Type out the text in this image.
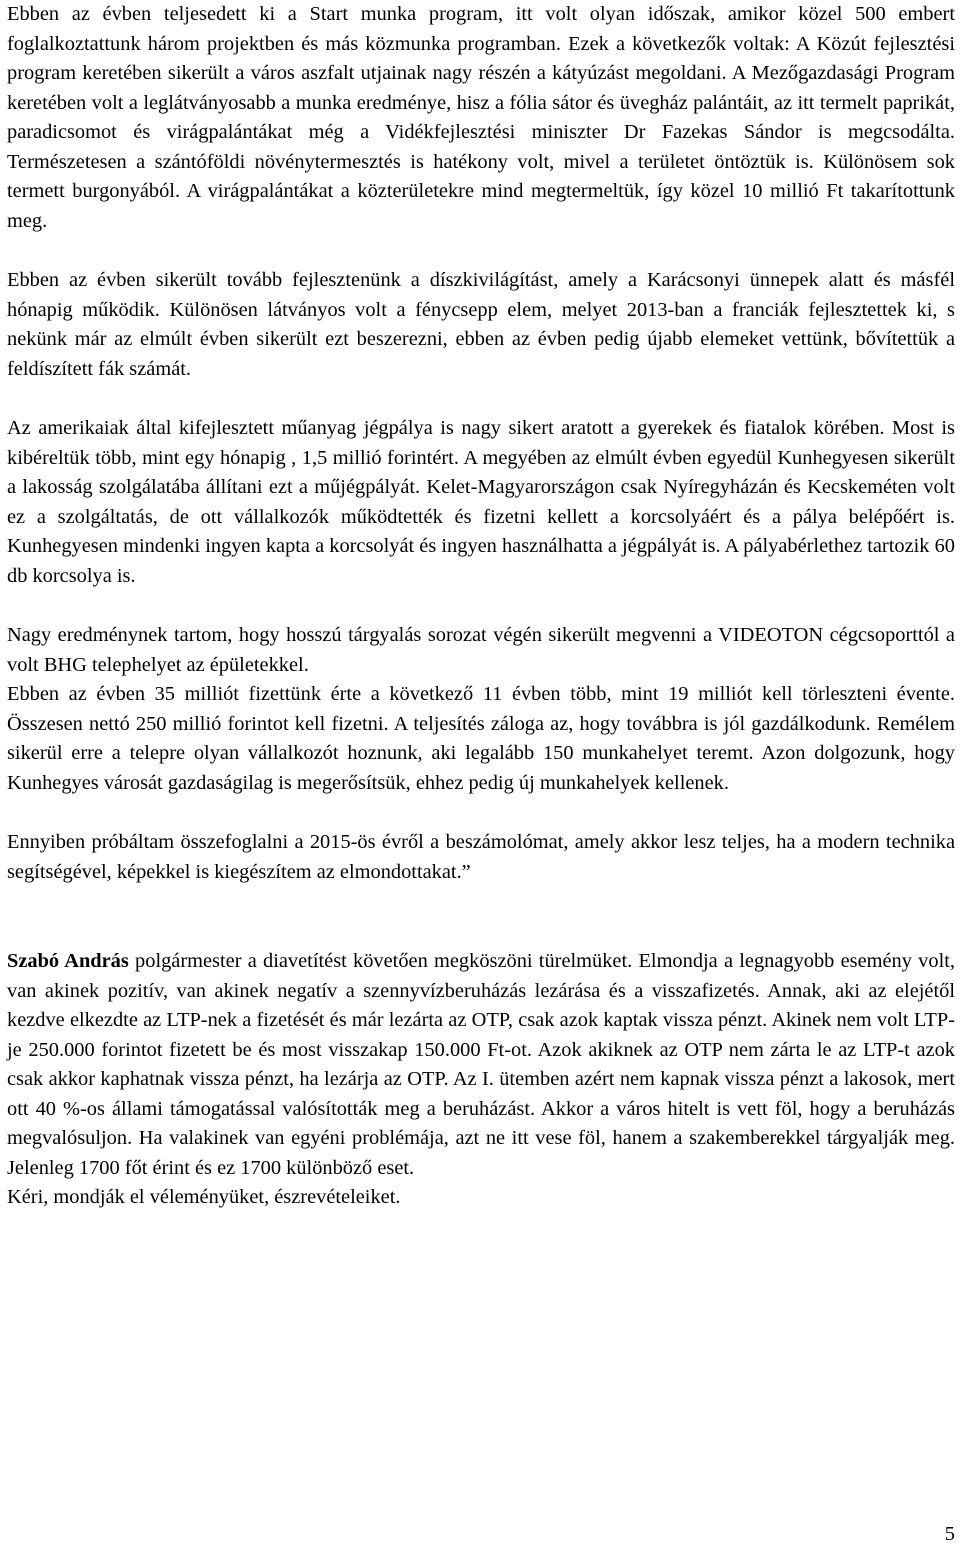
Ebben az évben teljesedett ki a Start munka program, itt volt olyan időszak, amikor közel 500 embert foglalkoztattunk három projektben és más közmunka programban. Ezek a következők voltak: A Közút fejlesztési program keretében sikerült a város aszfalt utjainak nagy részén a kátyúzást megoldani. A Mezőgazdasági Program keretében volt a leglátványosabb a munka eredménye, hisz a fólia sátor és üvegház palántáit, az itt termelt paprikát, paradicsomot és virágpalántákat még a Vidékfejlesztési miniszter Dr Fazekas Sándor is megcsodálta. Természetesen a szántóföldi növénytermesztés is hatékony volt, mivel a területet öntöztük is. Különösem sok termett burgonyából. A virágpalántákat a közterületekre mind megtermeltük, így közel 10 millió Ft takarítottunk meg.

Ebben az évben sikerült tovább fejlesztenünk a díszkivilágítást, amely a Karácsonyi ünnepek alatt és másfél hónapig működik. Különösen látványos volt a fénycsepp elem, melyet 2013-ban a franciák fejlesztettek ki, s nekünk már az elmúlt évben sikerült ezt beszerezni, ebben az évben pedig újabb elemeket vettünk, bővítettük a feldíszített fák számát.

Az amerikaiak által kifejlesztett műanyag jégpálya is nagy sikert aratott a gyerekek és fiatalok körében. Most is kibéreltük több, mint egy hónapig , 1,5 millió forintért. A megyében az elmúlt évben egyedül Kunhegyesen sikerült a lakosság szolgálatába állítani ezt a műjégpályát. Kelet-Magyarországon csak Nyíregyházán és Kecskeméten volt ez a szolgáltatás, de ott vállalkozók működtették és fizetni kellett a korcsolyáért és a pálya belépőért is. Kunhegyesen mindenki ingyen kapta a korcsolyát és ingyen használhatta a jégpályát is. A pályabérlethez tartozik 60 db korcsolya is.

Nagy eredménynek tartom, hogy hosszú tárgyalás sorozat végén sikerült megvenni a VIDEOTON cégcsoporttól a volt BHG telephelyet az épületekkel.

Ebben az évben 35 milliót fizettünk érte a következő 11 évben több, mint 19 milliót kell törleszteni évente. Összesen nettó 250 millió forintot kell fizetni. A teljesítés záloga az, hogy továbbra is jól gazdálkodunk. Remélem sikerül erre a telepre olyan vállalkozót hoznunk, aki legalább 150 munkahelyet teremt. Azon dolgozunk, hogy Kunhegyes városát gazdaságilag is megerősítsük, ehhez pedig új munkahelyek kellenek.

Ennyiben próbáltam összefoglalni a 2015-ös évről a beszámolómat, amely akkor lesz teljes, ha a modern technika segítségével, képekkel is kiegészítem az elmondottakat.”

Szabó András polgármester a diavetítést követően megköszöni türelmüket. Elmondja a legnagyobb esemény volt, van akinek pozitív, van akinek negatív a szennyvízberuházás lezárása és a visszafizetés. Annak, aki az elejétől kezdve elkezdte az LTP-nek a fizetését és már lezárta az OTP, csak azok kaptak vissza pénzt. Akinek nem volt LTP-je 250.000 forintot fizetett be és most visszakap 150.000 Ft-ot. Azok akiknek az OTP nem zárta le az LTP-t azok csak akkor kaphatnak vissza pénzt, ha lezárja az OTP. Az I. ütemben azért nem kapnak vissza pénzt a lakosok, mert ott 40 %-os állami támogatással valósították meg a beruházást. Akkor a város hitelt is vett föl, hogy a beruházás megvalósuljon. Ha valakinek van egyéni problémája, azt ne itt vese föl, hanem a szakemberekkel tárgyalják meg. Jelenleg 1700 főt érint és ez 1700 különböző eset.

Kéri, mondják el véleményüket, észrevételeiket.

5
